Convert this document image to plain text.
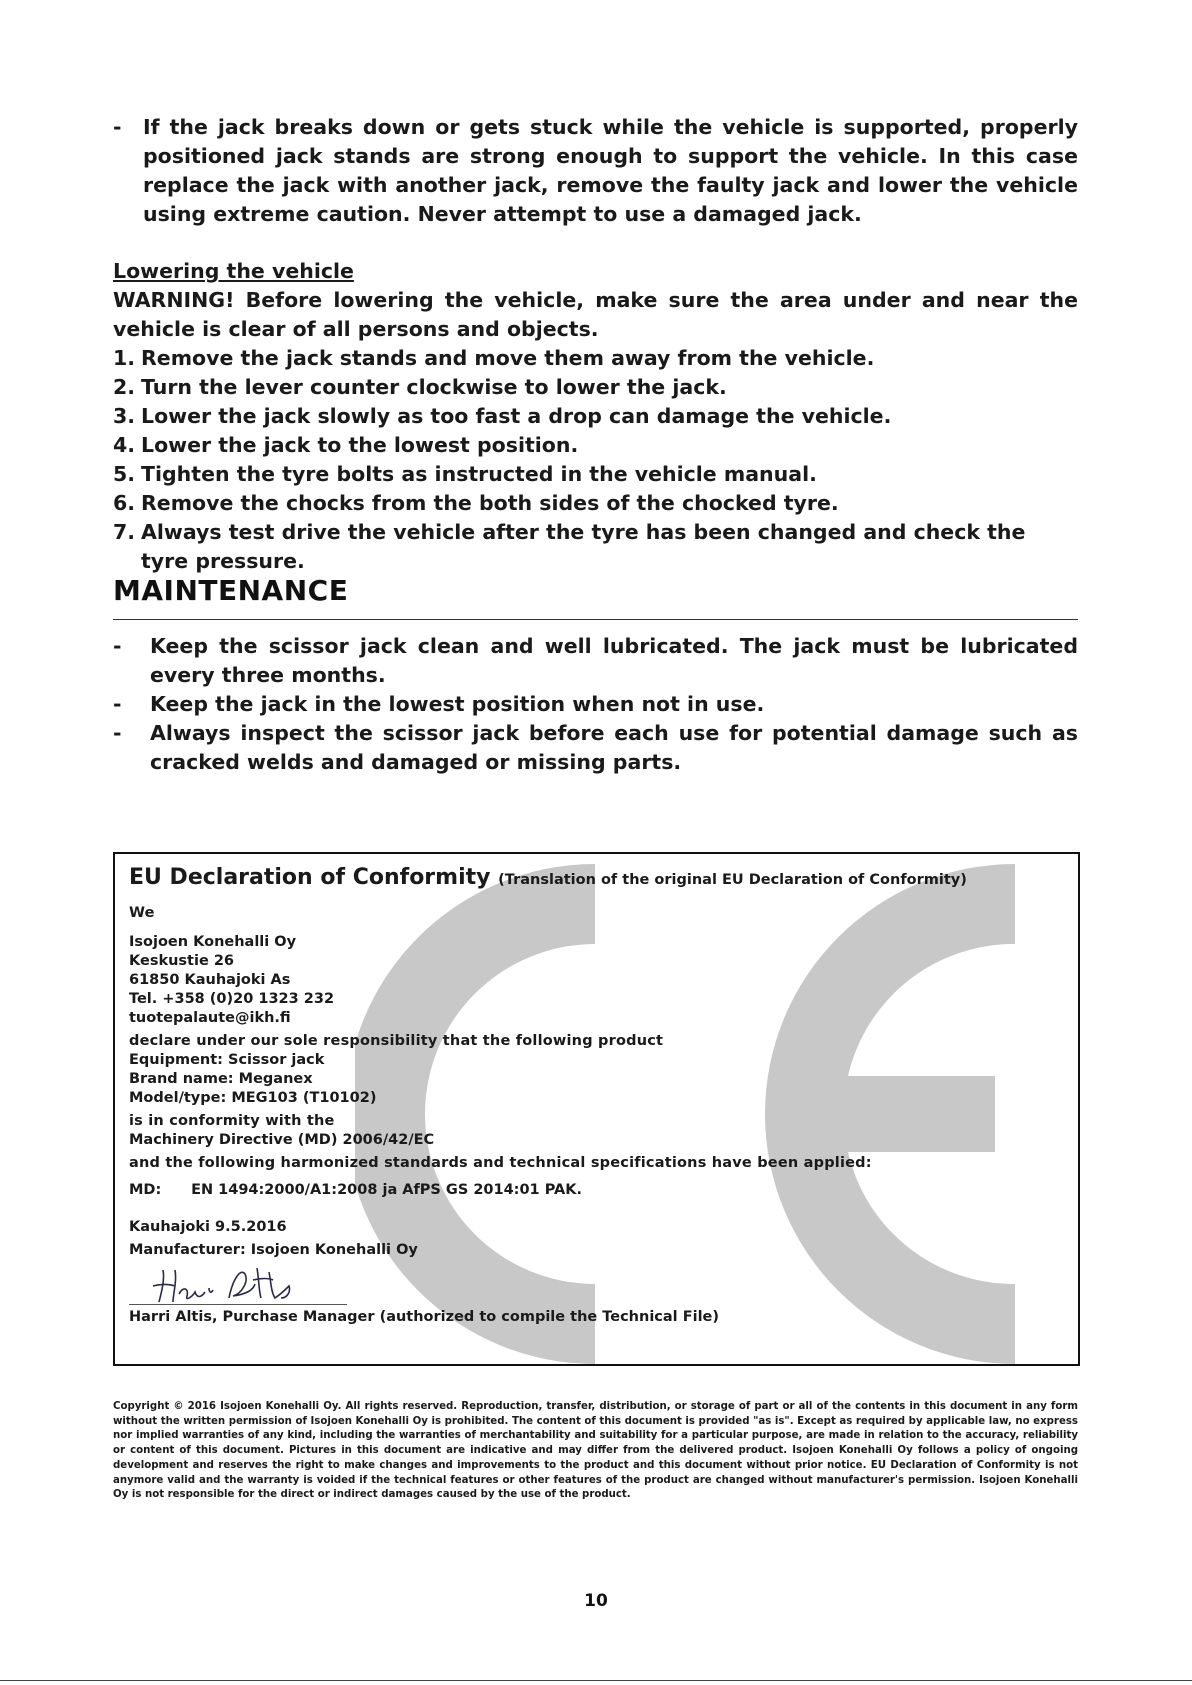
- If the jack breaks down or gets stuck while the vehicle is supported, properly positioned jack stands are strong enough to support the vehicle. In this case replace the jack with another jack, remove the faulty jack and lower the vehicle using extreme caution. Never attempt to use a damaged jack.
Lowering the vehicle
WARNING! Before lowering the vehicle, make sure the area under and near the vehicle is clear of all persons and objects.
1. Remove the jack stands and move them away from the vehicle.
2. Turn the lever counter clockwise to lower the jack.
3. Lower the jack slowly as too fast a drop can damage the vehicle.
4. Lower the jack to the lowest position.
5. Tighten the tyre bolts as instructed in the vehicle manual.
6. Remove the chocks from the both sides of the chocked tyre.
7. Always test drive the vehicle after the tyre has been changed and check the tyre pressure.
MAINTENANCE
- Keep the scissor jack clean and well lubricated. The jack must be lubricated every three months.
- Keep the jack in the lowest position when not in use.
- Always inspect the scissor jack before each use for potential damage such as cracked welds and damaged or missing parts.
EU Declaration of Conformity (Translation of the original EU Declaration of Conformity)
We
Isojoen Konehalli Oy
Keskustie 26
61850 Kauhajoki As
Tel. +358 (0)20 1323 232
tuotepalaute@ikh.fi
declare under our sole responsibility that the following product
Equipment: Scissor jack
Brand name: Meganex
Model/type: MEG103 (T10102)
is in conformity with the
Machinery Directive (MD) 2006/42/EC
and the following harmonized standards and technical specifications have been applied:
MD: EN 1494:2000/A1:2008 ja AfPS GS 2014:01 PAK.
Kauhajoki 9.5.2016
Manufacturer: Isojoen Konehalli Oy
Harri Altis, Purchase Manager (authorized to compile the Technical File)
Copyright © 2016 Isojoen Konehalli Oy. All rights reserved. Reproduction, transfer, distribution, or storage of part or all of the contents in this document in any form without the written permission of Isojoen Konehalli Oy is prohibited. The content of this document is provided "as is". Except as required by applicable law, no express nor implied warranties of any kind, including the warranties of merchantability and suitability for a particular purpose, are made in relation to the accuracy, reliability or content of this document. Pictures in this document are indicative and may differ from the delivered product. Isojoen Konehalli Oy follows a policy of ongoing development and reserves the right to make changes and improvements to the product and this document without prior notice. EU Declaration of Conformity is not anymore valid and the warranty is voided if the technical features or other features of the product are changed without manufacturer's permission. Isojoen Konehalli Oy is not responsible for the direct or indirect damages caused by the use of the product.
10
